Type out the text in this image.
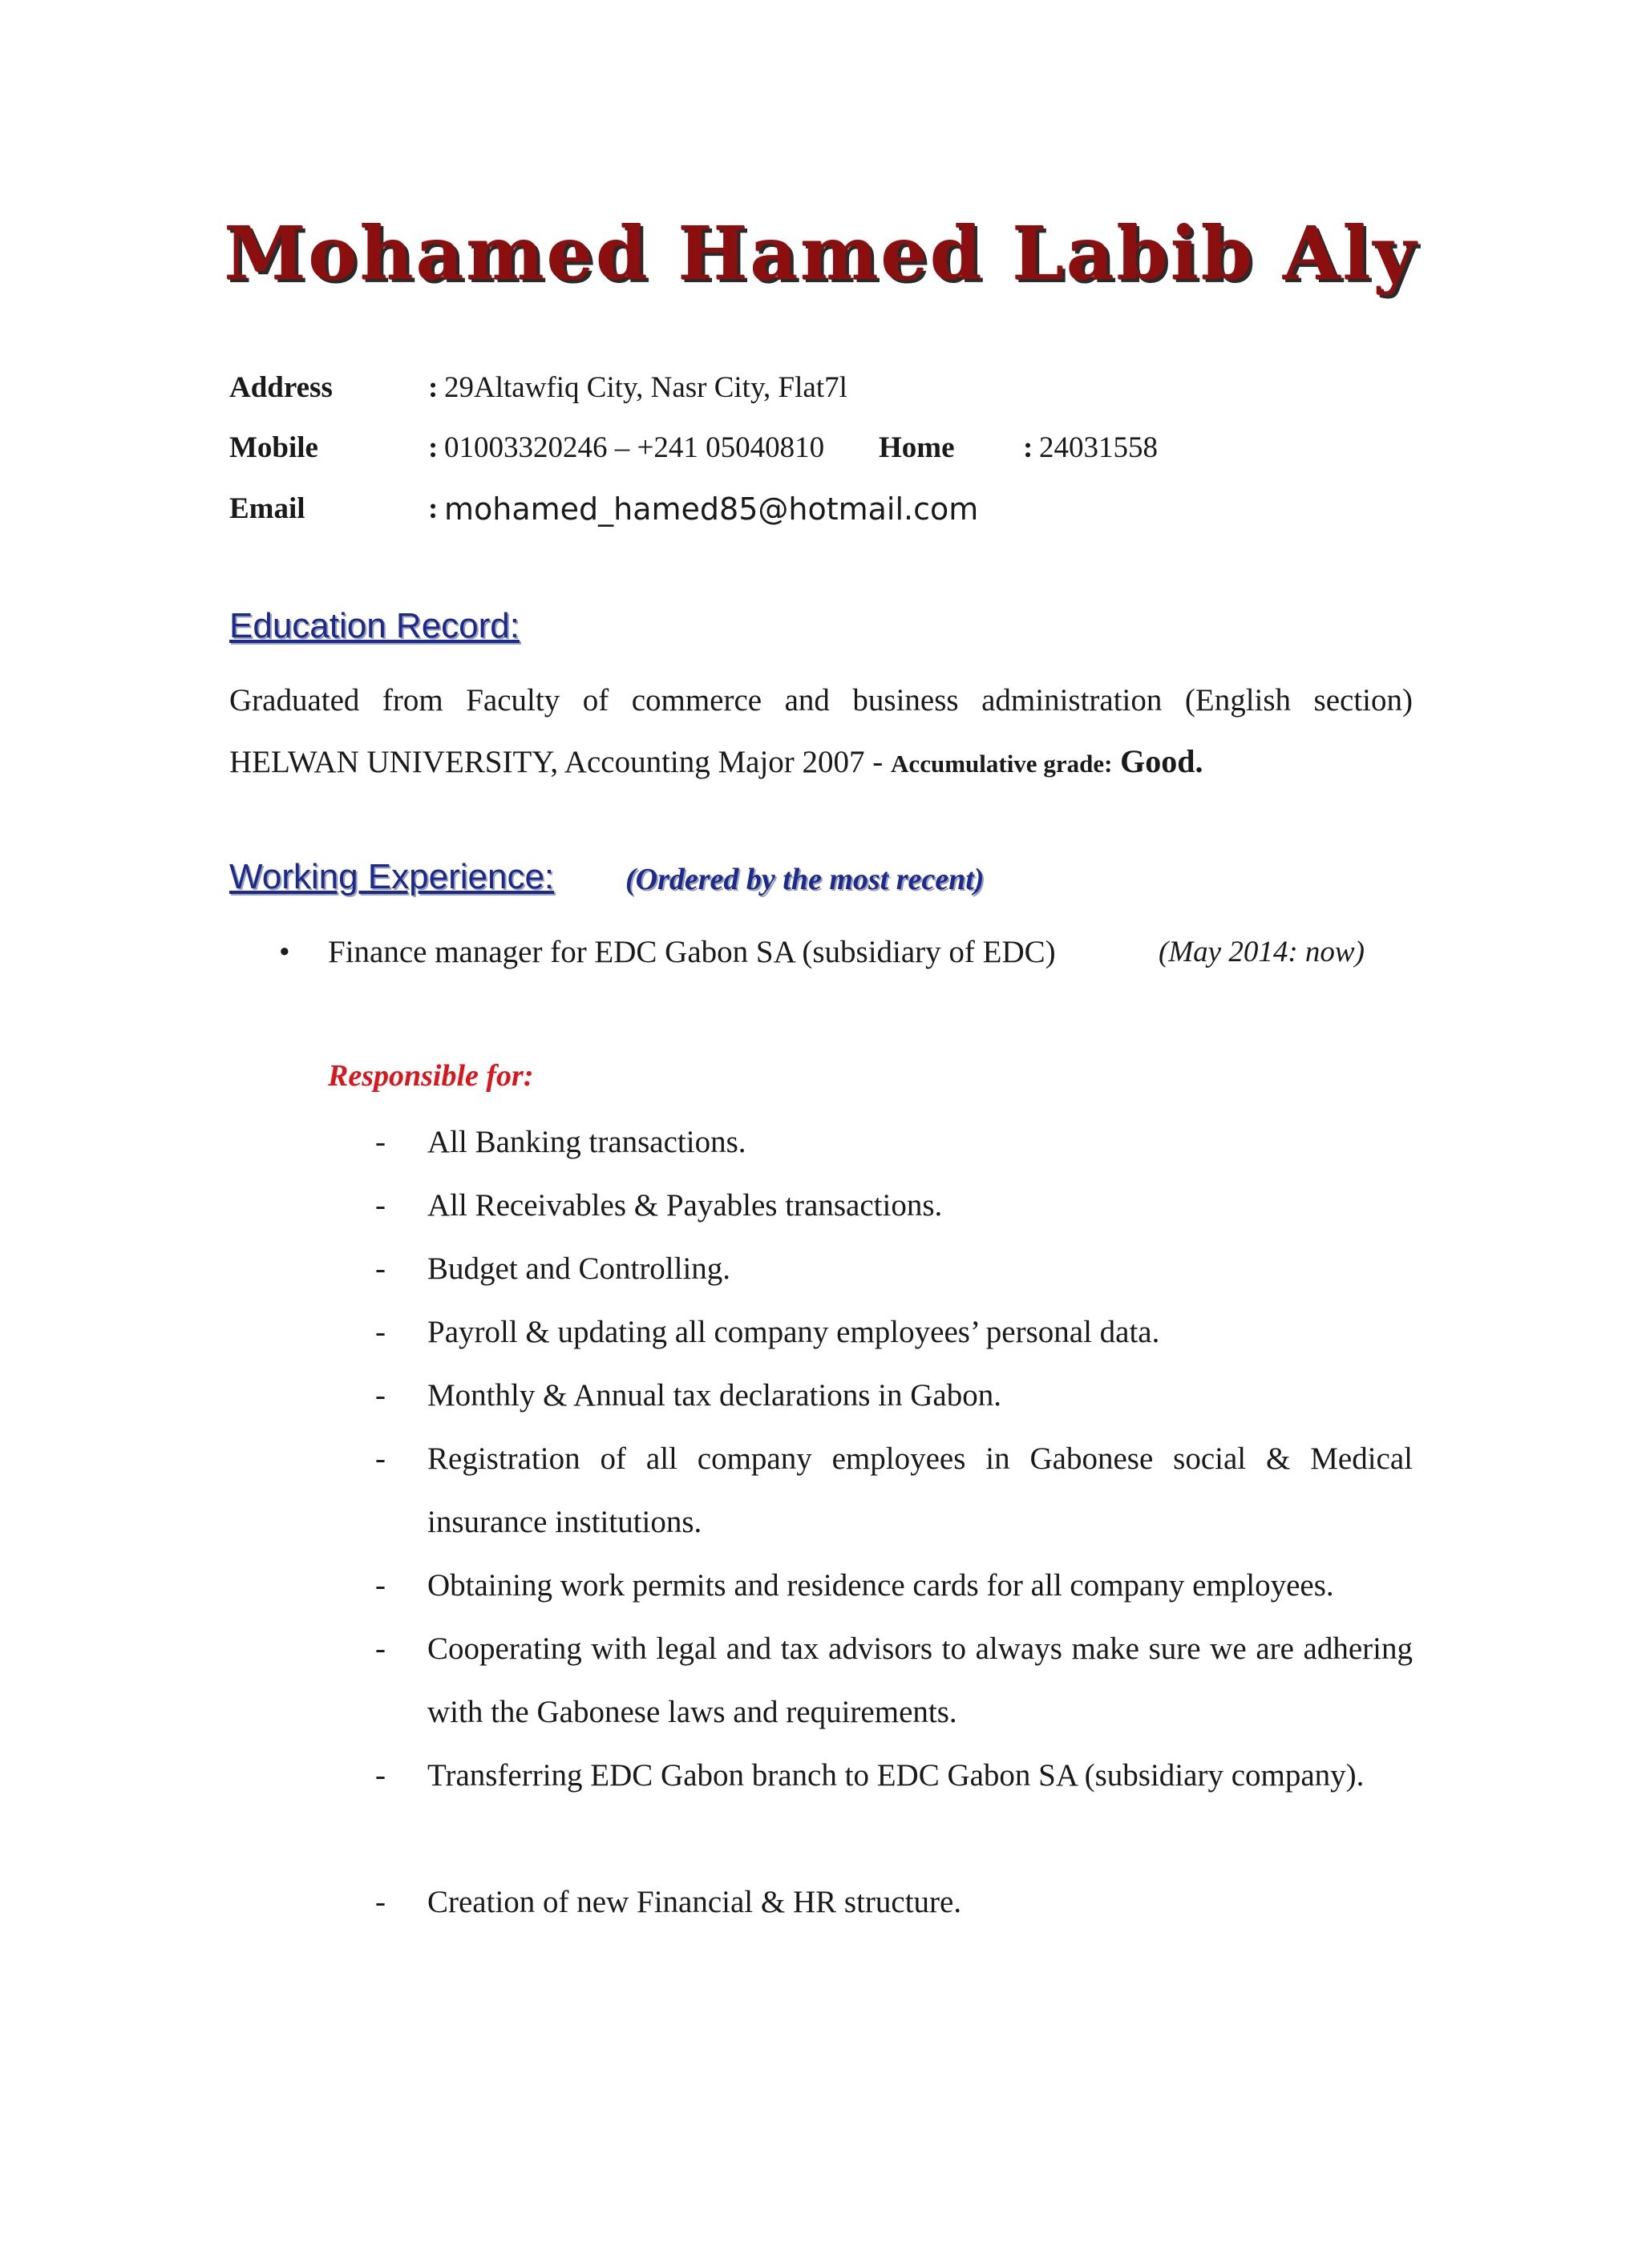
Mohamed Hamed Labib Aly
Address	: 29Altawfiq City, Nasr City, Flat7l
Mobile	: 01003320246 – +241 05040810 Home : 24031558
Email	: mohamed_hamed85@hotmail.com
Education Record:
Graduated from Faculty of commerce and business administration (English section) HELWAN UNIVERSITY, Accounting Major 2007 - Accumulative grade: Good.
Working Experience: (Ordered by the most recent)
• Finance manager for EDC Gabon SA (subsidiary of EDC)	(May 2014: now)
Responsible for:
- All Banking transactions.
- All Receivables & Payables transactions.
- Budget and Controlling.
- Payroll & updating all company employees’ personal data.
- Monthly & Annual tax declarations in Gabon.
- Registration of all company employees in Gabonese social & Medical insurance institutions.
- Obtaining work permits and residence cards for all company employees.
- Cooperating with legal and tax advisors to always make sure we are adhering with the Gabonese laws and requirements.
- Transferring EDC Gabon branch to EDC Gabon SA (subsidiary company).
- Creation of new Financial & HR structure.
